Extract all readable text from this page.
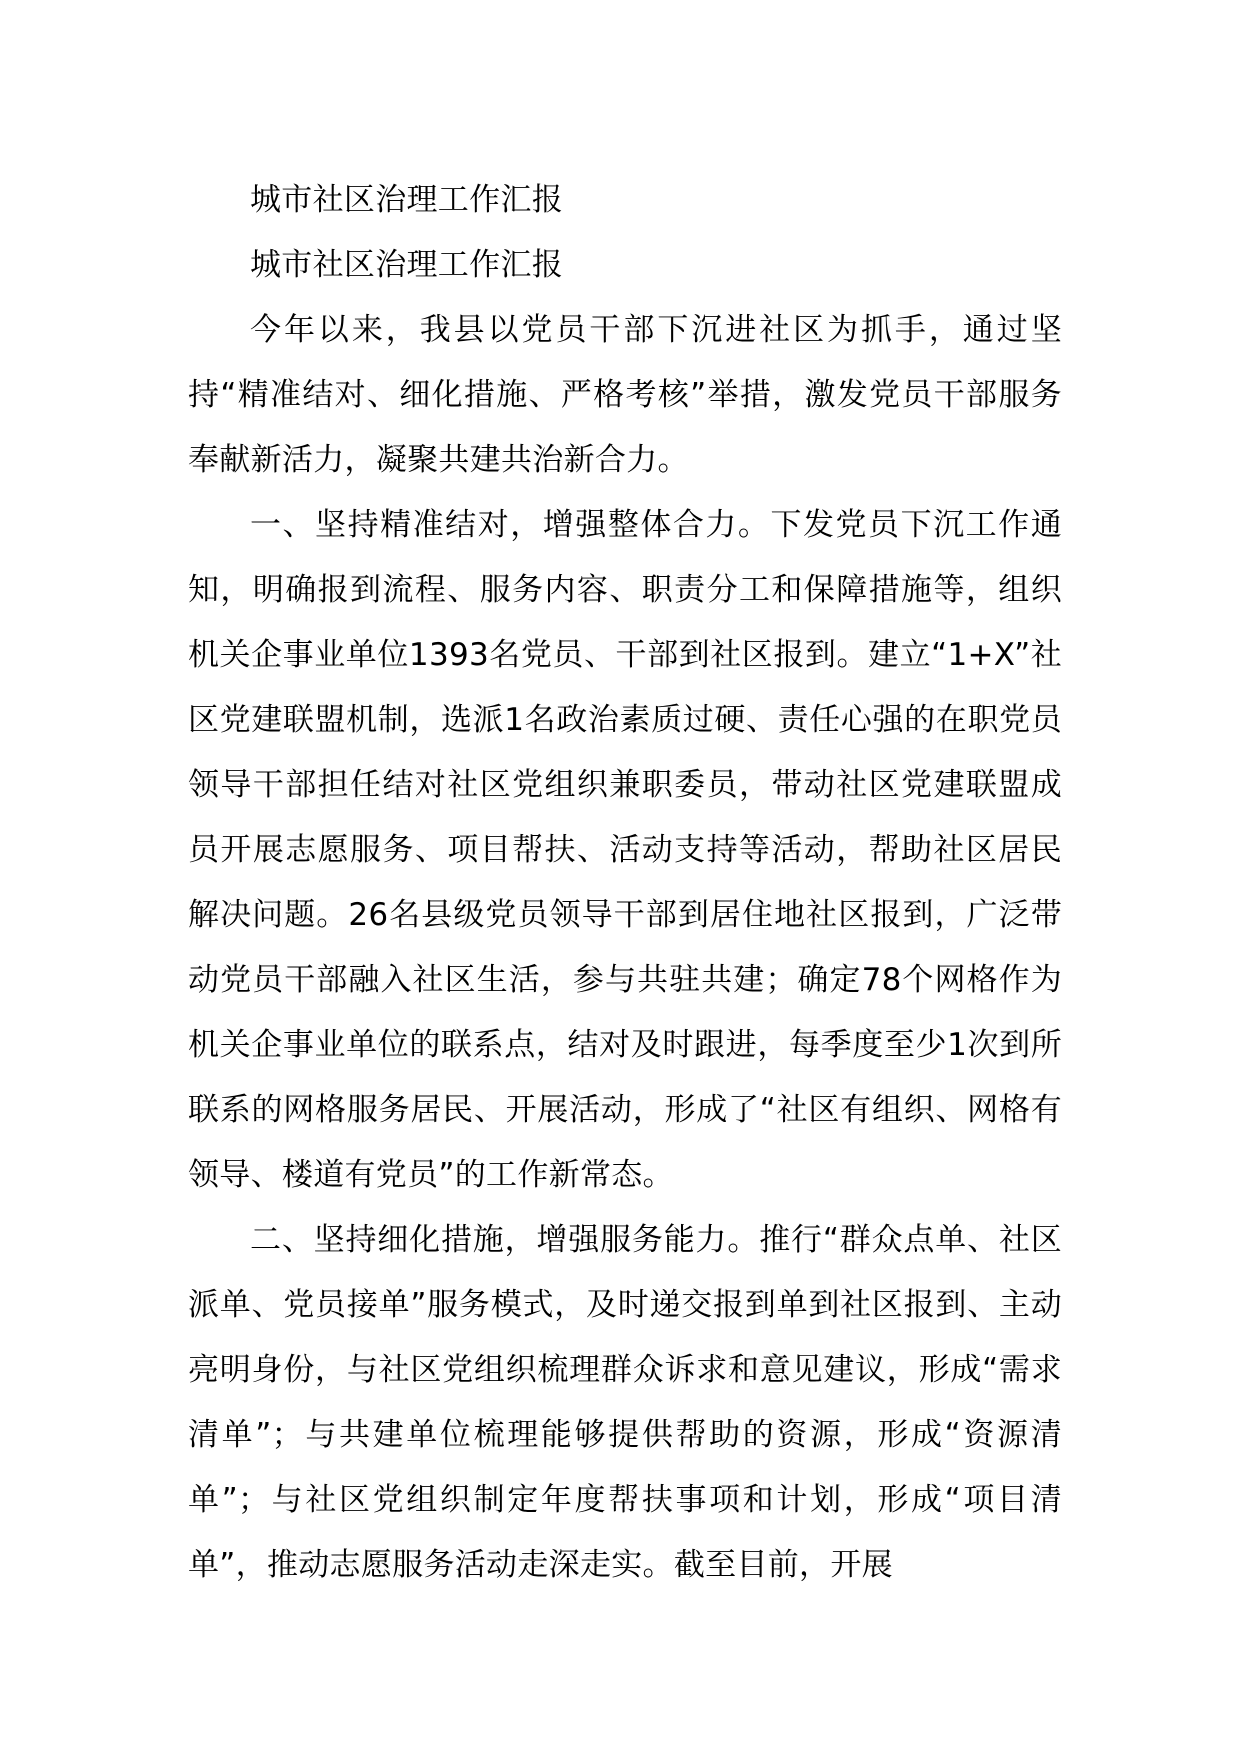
城市社区治理工作汇报

城市社区治理工作汇报

今年以来，我县以党员干部下沉进社区为抓手，通过坚持“精准结对、细化措施、严格考核”举措，激发党员干部服务奉献新活力，凝聚共建共治新合力。

一、坚持精准结对，增强整体合力。下发党员下沉工作通知，明确报到流程、服务内容、职责分工和保障措施等，组织机关企事业单位1393名党员、干部到社区报到。建立“1+X”社区党建联盟机制，选派1名政治素质过硬、责任心强的在职党员领导干部担任结对社区党组织兼职委员，带动社区党建联盟成员开展志愿服务、项目帮扶、活动支持等活动，帮助社区居民解决问题。26名县级党员领导干部到居住地社区报到，广泛带动党员干部融入社区生活，参与共驻共建；确定78个网格作为机关企事业单位的联系点，结对及时跟进，每季度至少1次到所联系的网格服务居民、开展活动，形成了“社区有组织、网格有领导、楼道有党员”的工作新常态。

二、坚持细化措施，增强服务能力。推行“群众点单、社区派单、党员接单”服务模式，及时递交报到单到社区报到、主动亮明身份，与社区党组织梳理群众诉求和意见建议，形成“需求清单”；与共建单位梳理能够提供帮助的资源，形成“资源清单”；与社区党组织制定年度帮扶事项和计划，形成“项目清单”，推动志愿服务活动走深走实。截至目前，开展
